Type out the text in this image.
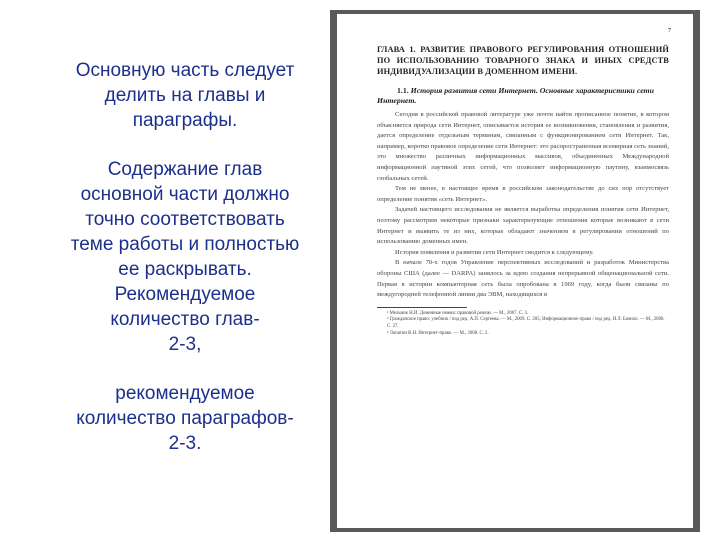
Основную часть следует

делить на главы и

параграфы.

Содержание глав

основной части должно

точно соответствовать

теме работы и полностью

ее раскрывать.

Рекомендуемое

количество глав-

2-3,

рекомендуемое

количество параграфов-

2-3.

7

ГЛАВА 1. РАЗВИТИЕ ПРАВОВОГО РЕГУЛИРОВАНИЯ ОТНОШЕНИЙ ПО ИСПОЛЬЗОВАНИЮ ТОВАРНОГО ЗНАКА И ИНЫХ СРЕДСТВ ИНДИВИДУАЛИЗАЦИИ В ДОМЕННОМ ИМЕНИ.

1.1. История развития сети Интернет. Основные характеристики сети Интернет.

Сегодня в российской правовой литературе уже почти найти прописанное понятие, в котором объясняется природа сети Интернет, описывается история ее возникновения, становления и развития, дается определение отдельным терминам, связанным с функционированием сети Интернет. Так, например, коротко правовое определение сети Интернет: это распространенная всемирная сеть знаний, это множество различных информационных массивов, объединенных Международной информационной паутиной этих сетей, что позволяет информационную паутину, взаимосвязь глобальных сетей.

Тем не менее, в настоящее время в российском законодательстве до сих пор отсутствует определение понятия «сеть Интернет».

Задачей настоящего исследования не является выработка определения понятия сети Интернет, поэтому рассмотрим некоторые признаки характеризующие отношения которые возникают в сети Интернет и выявить те из них, которые обладают значением в регулировании отношений по использованию доменных имен.

История появления и развития сети Интернет сводится к следующему.

В начале 70-х годов Управление перспективных исследований и разработок Министерства обороны США (далее — DARPA) занялось за идею создания непрерывной общенациональной сети. Первая в истории компьютерная сеть была опробована в 1969 году, когда были связаны по междугородней телефонной линии два ЭВМ, находящихся в

¹ Мельник Н.И. Доменные имена: правовой режим. — М., 2007. С. 3.

² Гражданское право: учебник / под ред. А.П. Сергеева. — М., 2009. С. 205; Информационное право / под ред. И.Л. Бачило. — М., 2008. С. 27.

³ Лопатин В.Н. Интернет-право. — М., 2008. С. 2.
